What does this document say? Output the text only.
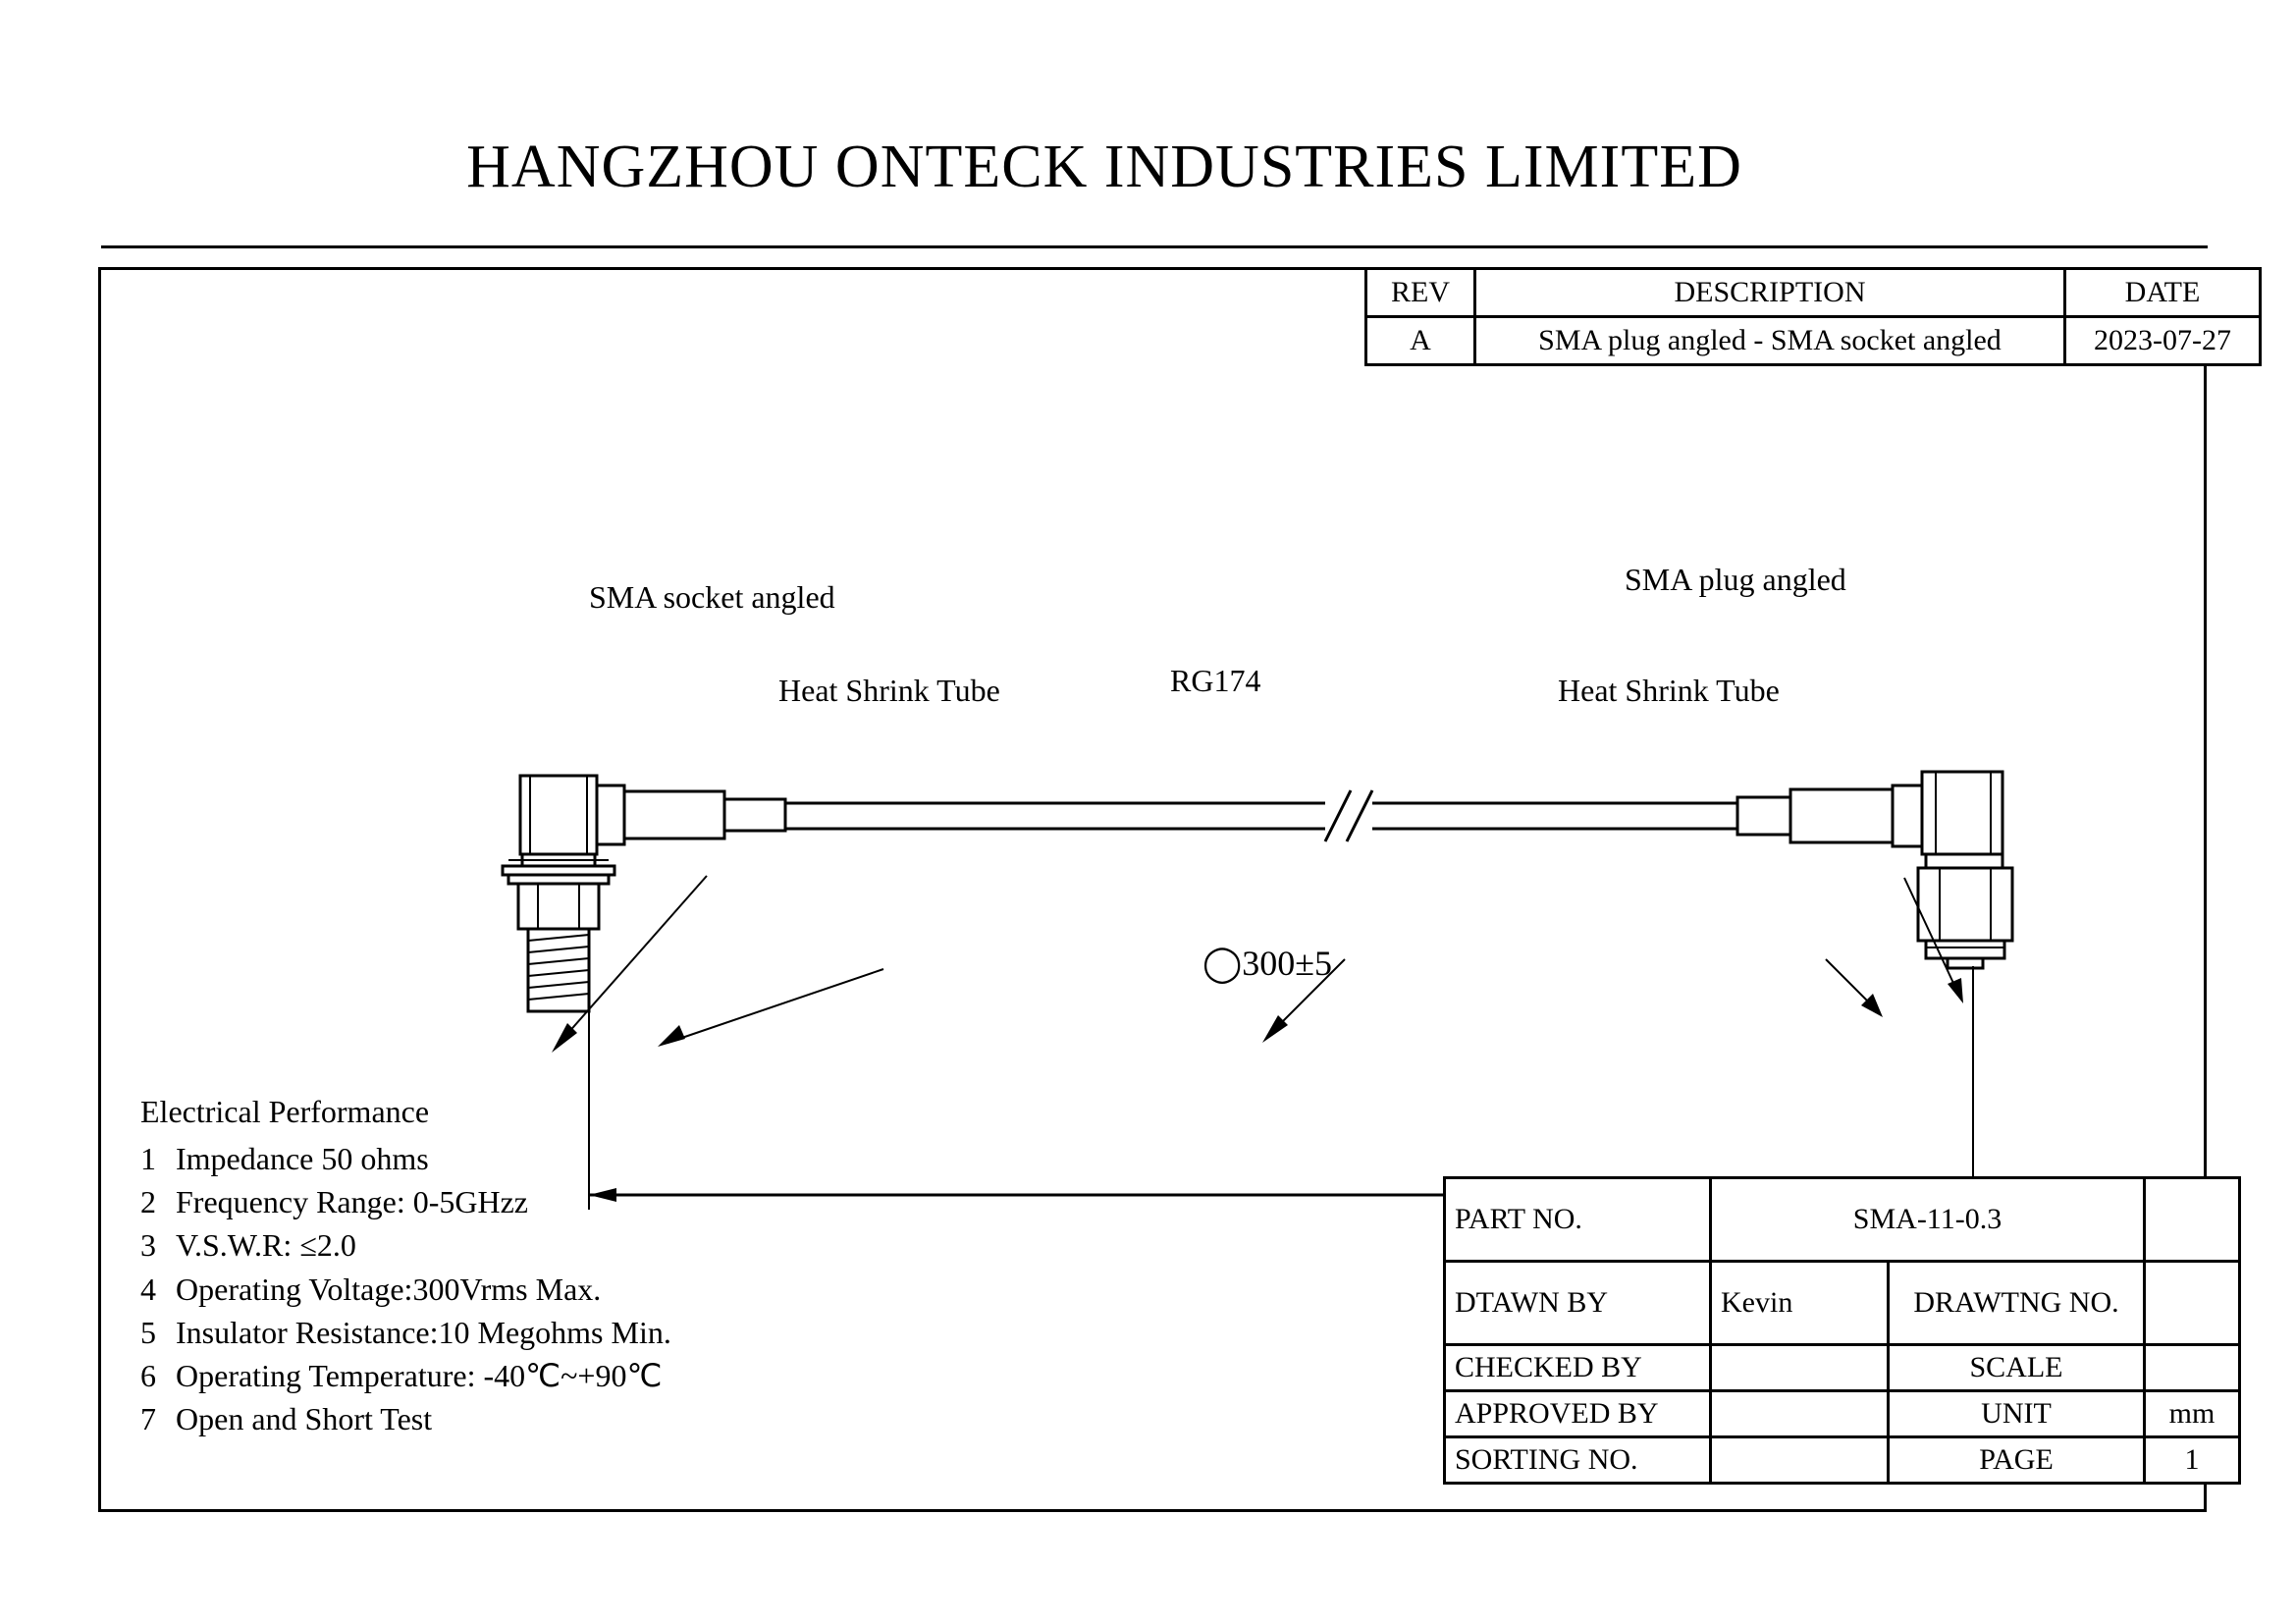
HANGZHOU ONTECK INDUSTRIES LIMITED
SMA socket angled
Heat Shrink Tube	RG174	Heat Shrink Tube
SMA plug angled
◯300±5
REV	DESCRIPTION	DATE
A	SMA plug angled - SMA socket angled	2023-07-27
Electrical Performance
1 Impedance 50 ohms
2 Frequency Range: 0-5GHzz
3 V.S.W.R: ≤2.0
4 Operating Voltage:300Vrms Max.
5 Insulator Resistance:10 Megohms Min.
6 Operating Temperature: -40℃~+90℃
7 Open and Short Test
PART NO.	SMA-11-0.3		
DTAWN BY	Kevin	DRAWTNG NO.	
CHECKED BY		SCALE	
APPROVED BY		UNIT	mm
SORTING NO.		PAGE	1
